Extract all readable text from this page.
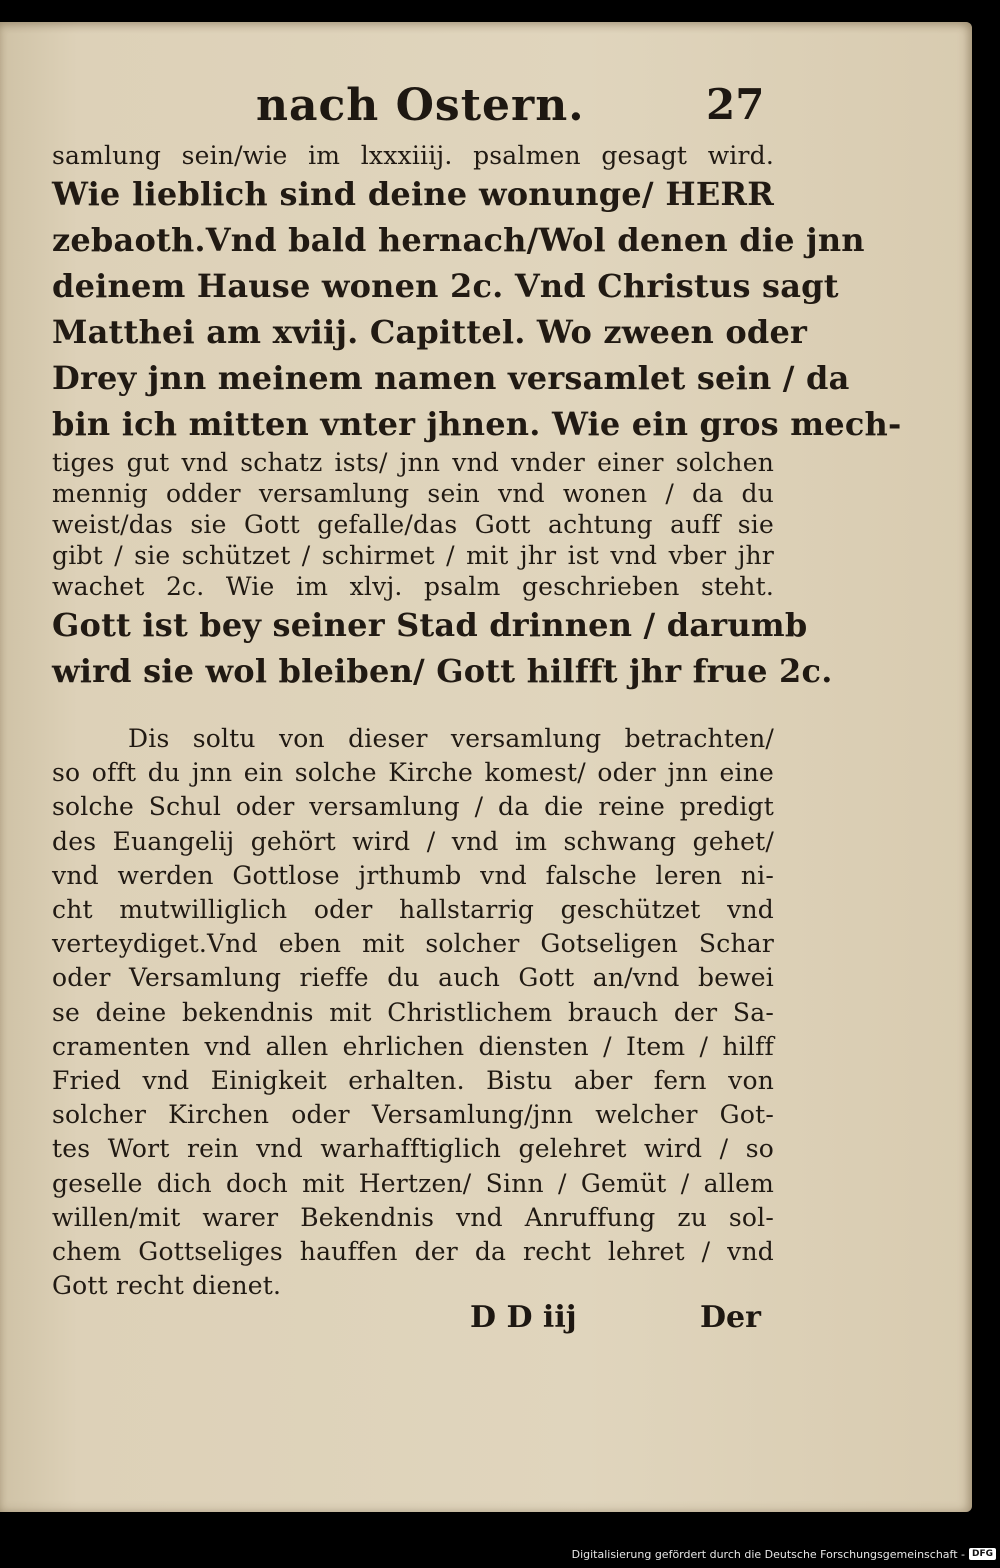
nach Ostern.	27
samlung sein/wie im lxxxiiij. psalmen gesagt wird.
Wie lieblich sind deine wonunge/ HERR
zebaoth.Vnd bald hernach/Wol denen die jnn
deinem Hause wonen 2c. Vnd Christus sagt
Matthei am xviij. Capittel. Wo zween oder
Drey jnn meinem namen versamlet sein / da
bin ich mitten vnter jhnen. Wie ein gros mech-
tiges gut vnd schatz ists/ jnn vnd vnder einer solchen
mennig odder versamlung sein vnd wonen / da du
weist/das sie Gott gefalle/das Gott achtung auff sie
gibt / sie schützet / schirmet / mit jhr ist vnd vber jhr
wachet 2c. Wie im xlvj. psalm geschrieben steht.
Gott ist bey seiner Stad drinnen / darumb
wird sie wol bleiben/ Gott hilfft jhr frue 2c.
Dis soltu von dieser versamlung betrachten/
so offt du jnn ein solche Kirche komest/ oder jnn eine
solche Schul oder versamlung / da die reine predigt
des Euangelij gehört wird / vnd im schwang gehet/
vnd werden Gottlose jrthumb vnd falsche leren ni-
cht mutwilliglich oder hallstarrig geschützet vnd
verteydiget.Vnd eben mit solcher Gotseligen Schar
oder Versamlung rieffe du auch Gott an/vnd bewei
se deine bekendnis mit Christlichem brauch der Sa-
cramenten vnd allen ehrlichen diensten / Item / hilff
Fried vnd Einigkeit erhalten. Bistu aber fern von
solcher Kirchen oder Versamlung/jnn welcher Got-
tes Wort rein vnd warhafftiglich gelehret wird / so
geselle dich doch mit Hertzen/ Sinn / Gemüt / allem
willen/mit warer Bekendnis vnd Anruffung zu sol-
chem Gottseliges hauffen der da recht lehret / vnd
Gott recht dienet.
D D iij	Der
Digitalisierung gefördert durch die Deutsche Forschungsgemeinschaft - DFG
